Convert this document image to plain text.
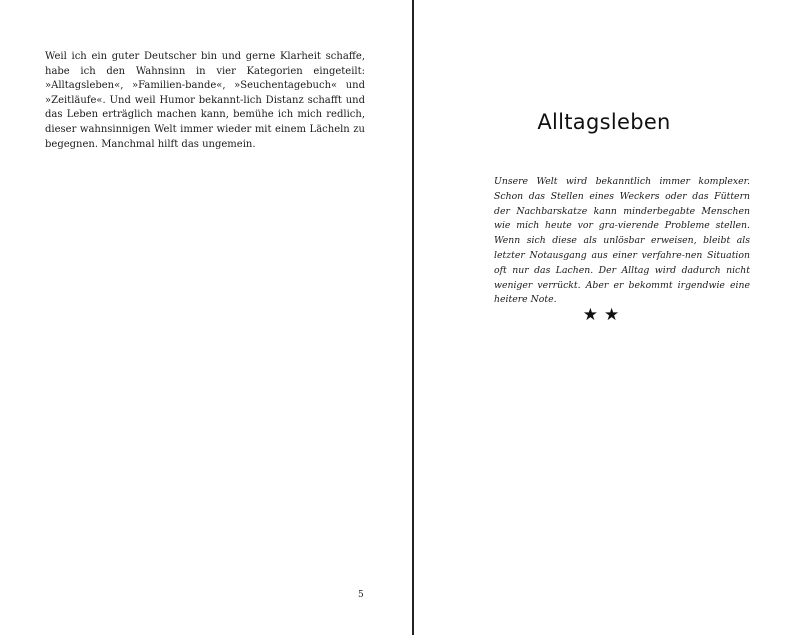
Weil ich ein guter Deutscher bin und gerne Klarheit schaffe, habe ich den Wahnsinn in vier Kategorien eingeteilt: »Alltagsleben«, »Familien-bande«, »Seuchentagebuch« und »Zeitläufe«. Und weil Humor bekannt-lich Distanz schafft und das Leben erträglich machen kann, bemühe ich mich redlich, dieser wahnsinnigen Welt immer wieder mit einem Lächeln zu begegnen. Manchmal hilft das ungemein.

5

Alltagsleben

Unsere Welt wird bekanntlich immer komplexer. Schon das Stellen eines Weckers oder das Füttern der Nachbarskatze kann minderbegabte Menschen wie mich heute vor gra-vierende Probleme stellen. Wenn sich diese als unlösbar erweisen, bleibt als letzter Notausgang aus einer verfahre-nen Situation oft nur das Lachen. Der Alltag wird dadurch nicht weniger verrückt. Aber er bekommt irgendwie eine heitere Note.

★★
